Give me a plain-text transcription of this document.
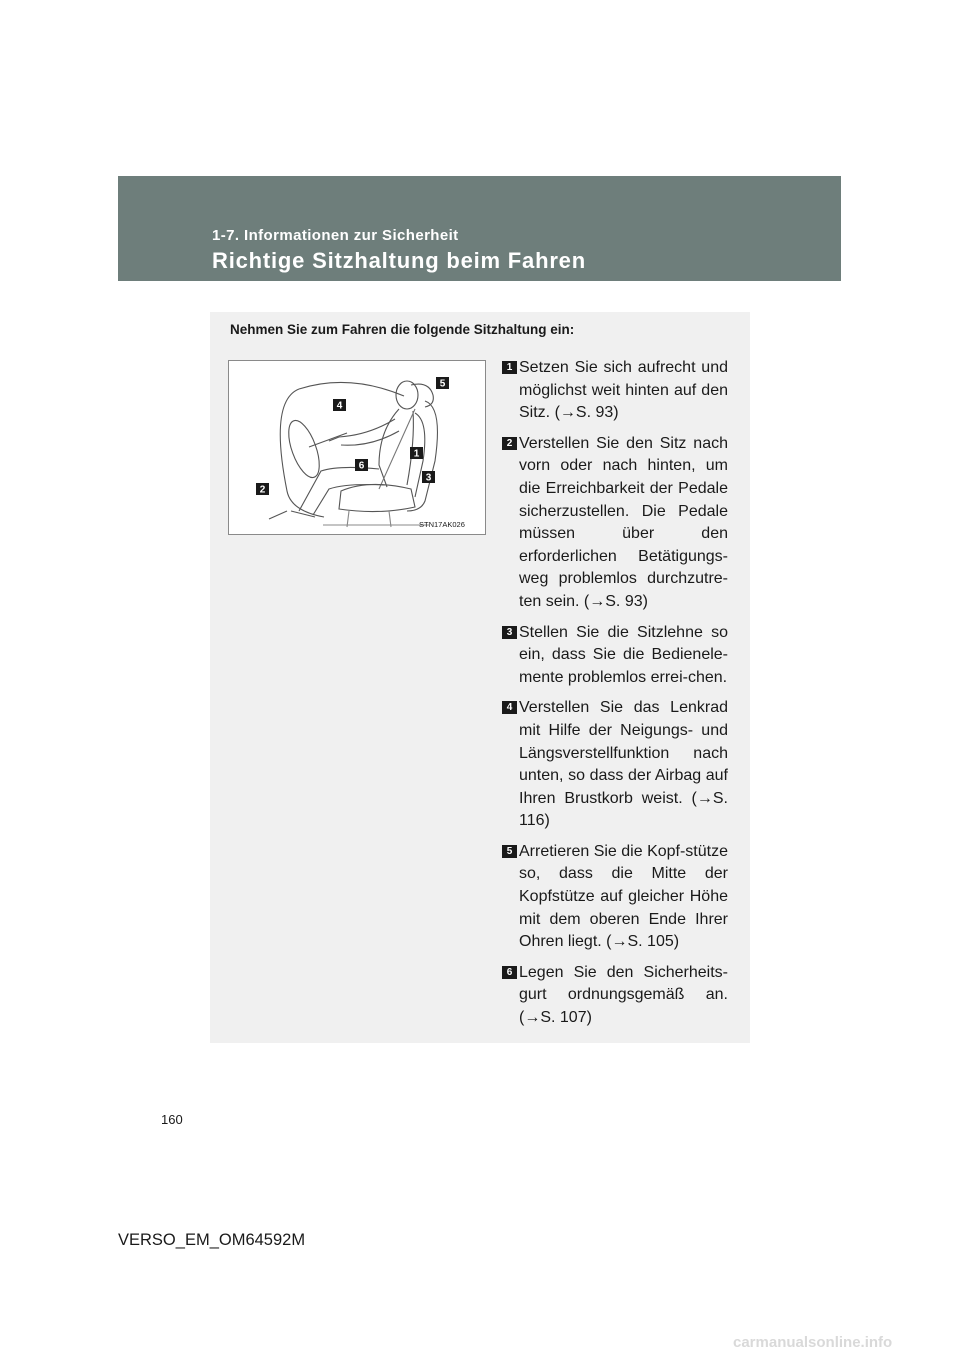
1-7. Informationen zur Sicherheit
Richtige Sitzhaltung beim Fahren
Nehmen Sie zum Fahren die folgende Sitzhaltung ein:
1
2
3
4
5
6
STN17AK026
1 Setzen Sie sich aufrecht und möglichst weit hinten auf den Sitz. (→S. 93)
2 Verstellen Sie den Sitz nach vorn oder nach hinten, um die Erreichbarkeit der Pedale sicherzustellen. Die Pedale müssen über den erforderlichen Betätigungs-weg problemlos durchzutre-ten sein. (→S. 93)
3 Stellen Sie die Sitzlehne so ein, dass Sie die Bedienele-mente problemlos errei-chen.
4 Verstellen Sie das Lenkrad mit Hilfe der Neigungs- und Längsverstellfunktion nach unten, so dass der Airbag auf Ihren Brustkorb weist. (→S. 116)
5 Arretieren Sie die Kopf-stütze so, dass die Mitte der Kopfstütze auf gleicher Höhe mit dem oberen Ende Ihrer Ohren liegt. (→S. 105)
6 Legen Sie den Sicherheits-gurt ordnungsgemäß an. (→S. 107)
160
VERSO_EM_OM64592M
carmanualsonline.info
